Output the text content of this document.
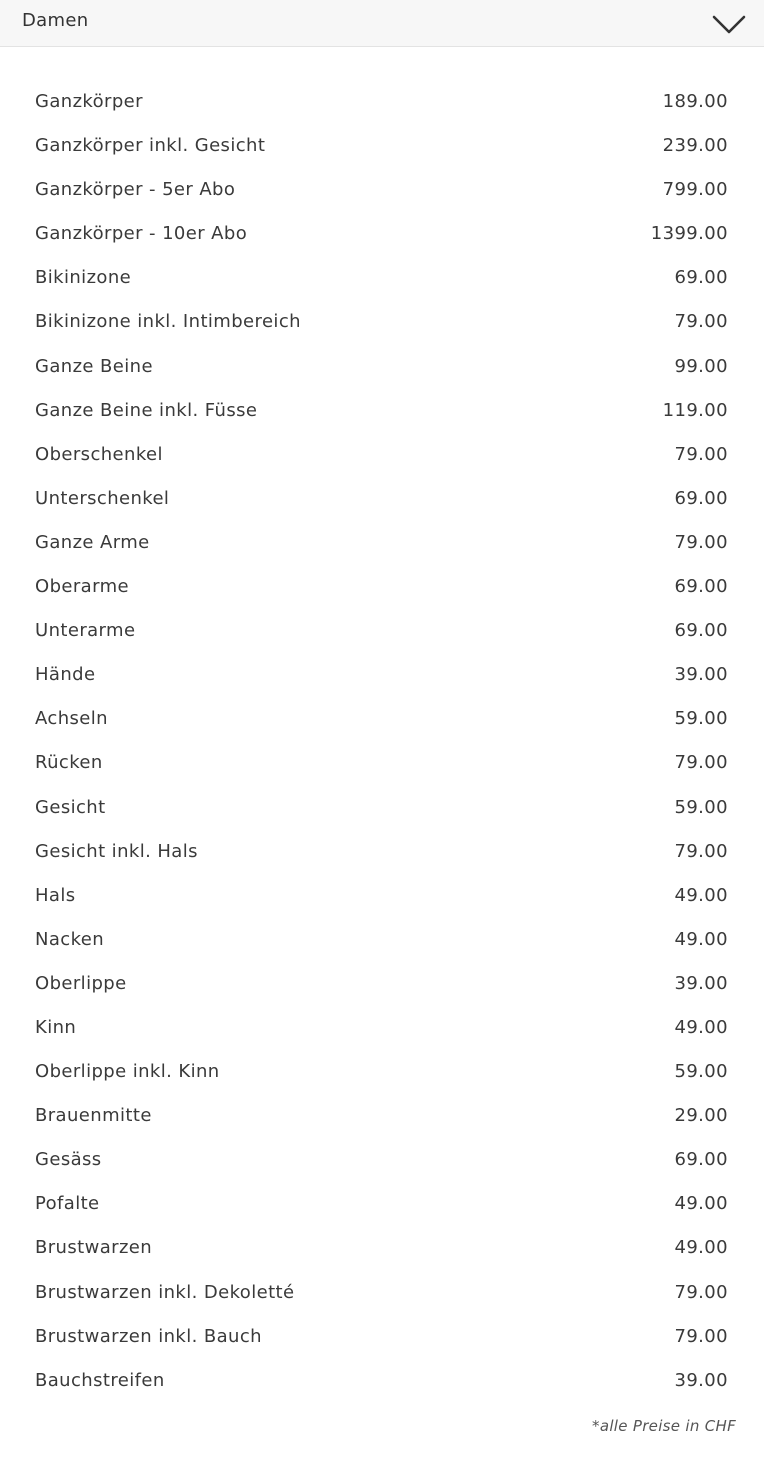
Damen
Ganzkörper	189.00
Ganzkörper inkl. Gesicht	239.00
Ganzkörper - 5er Abo	799.00
Ganzkörper - 10er Abo	1399.00
Bikinizone	69.00
Bikinizone inkl. Intimbereich	79.00
Ganze Beine	99.00
Ganze Beine inkl. Füsse	119.00
Oberschenkel	79.00
Unterschenkel	69.00
Ganze Arme	79.00
Oberarme	69.00
Unterarme	69.00
Hände	39.00
Achseln	59.00
Rücken	79.00
Gesicht	59.00
Gesicht inkl. Hals	79.00
Hals	49.00
Nacken	49.00
Oberlippe	39.00
Kinn	49.00
Oberlippe inkl. Kinn	59.00
Brauenmitte	29.00
Gesäss	69.00
Pofalte	49.00
Brustwarzen	49.00
Brustwarzen inkl. Dekoletté	79.00
Brustwarzen inkl. Bauch	79.00
Bauchstreifen	39.00
*alle Preise in CHF
